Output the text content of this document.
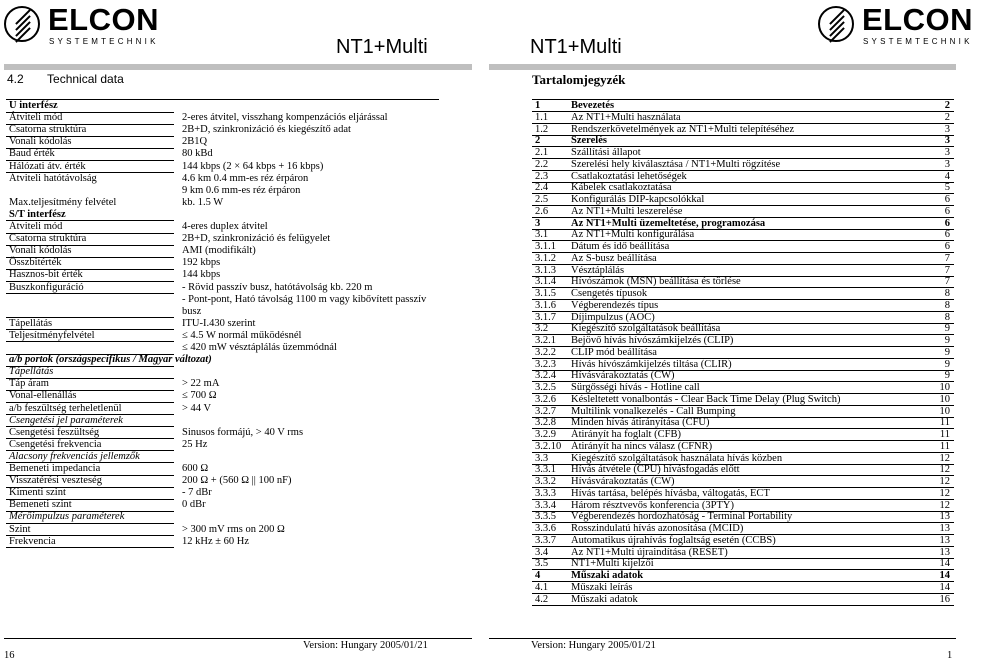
ELCON
SYSTEMTECHNIK
ELCON
SYSTEMTECHNIK
NT1+Multi	NT1+Multi
4.2       Technical data	Tartalomjegyzék
U interfész
Átviteli mód	2-eres átvitel, visszhang kompenzációs eljárással
Csatorna struktúra	2B+D, szinkronizáció és kiegészítő adat
Vonali kódolás	2B1Q
Baud érték	80 kBd
Hálózati átv. érték	144 kbps (2 × 64 kbps + 16 kbps)
Átviteli hatótávolság	4.6 km 0.4 mm-es réz érpáron
9 km 0.6 mm-es réz érpáron
Max.teljesítmény felvétel	kb. 1.5 W
S/T interfész
Átviteli mód	4-eres duplex átvitel
Csatorna struktúra	2B+D, szinkronizáció és felügyelet
Vonali kódolás	AMI (modifikált)
Összbitérték	192 kbps
Hasznos-bit érték	144 kbps
Buszkonfiguráció	- Rövid passzív busz, hatótávolság kb. 220 m
- Pont-pont, Ható távolság 1100 m vagy kibővített passzív
busz
Tápellátás	ITU-I.430 szerint
Teljesítményfelvétel	≤ 4.5 W normál működésnél
≤ 420 mW vésztáplálás üzemmódnál
a/b portok (országspecifikus / Magyar változat)
Tápellátás
Táp áram	> 22 mA
Vonal-ellenállás	≤ 700 Ω
a/b feszültség terheletlenül	> 44 V
Csengetési jel paraméterek
Csengetési feszültség	Sinusos formájú, > 40 V rms
Csengetési frekvencia	25 Hz
Alacsony frekvenciás jellemzők
Bemeneti impedancia	600 Ω
Visszatérési veszteség	200 Ω + (560 Ω || 100 nF)
Kimenti szint	- 7 dBr
Bemeneti szint	0 dBr
Mérőimpulzus paraméterek
Szint	> 300 mV rms on 200 Ω
Frekvencia	12 kHz ± 60 Hz
1	Bevezetés	2
1.1 Az NT1+Multi használata	2
1.2 Rendszerkövetelmények az NT1+Multi telepítéséhez	3
2	Szerelés	3
2.1 Szállítási állapot	3
2.2 Szerelési hely kiválasztása / NT1+Multi rögzítése	3
2.3 Csatlakoztatási lehetőségek	4
2.4 Kábelek csatlakoztatása	5
2.5 Konfigurálás DIP-kapcsolókkal	6
2.6 Az NT1+Multi leszerelése	6
3	Az NT1+Multi üzemeltetése, programozása	6
3.1 Az NT1+Multi konfigurálása	6
3.1.1 Dátum és idő beállítása	6
3.1.2 Az S-busz beállítása	7
3.1.3 Vésztáplálás	7
3.1.4 Hívószámok (MSN) beállítása és törlése	7
3.1.5 Csengetés típusok	8
3.1.6 Végberendezés típus	8
3.1.7 Díjimpulzus (AOC)	8
3.2 Kiegészítő szolgáltatások beállítása	9
3.2.1 Bejövő hívás hívószámkijelzés (CLIP)	9
3.2.2 CLIP mód beállítása	9
3.2.3 Hívás hívószámkijelzés tiltása (CLIR)	9
3.2.4 Hívásvárakoztatás (CW)	9
3.2.5 Sürgősségi hívás - Hotline call	10
3.2.6 Késleltetett vonalbontás - Clear Back Time Delay (Plug Switch)	10
3.2.7 Multilink vonalkezelés - Call Bumping	10
3.2.8 Minden hívás átirányítása (CFU)	11
3.2.9 Átirányít ha foglalt (CFB)	11
3.2.10 Átirányít ha nincs válasz (CFNR)	11
3.3 Kiegészítő szolgáltatások használata hívás közben	12
3.3.1 Hívás átvétele (CPU) hívásfogadás előtt	12
3.3.2 Hívásvárakoztatás (CW)	12
3.3.3 Hívás tartása, belépés hívásba, váltogatás, ECT	12
3.3.4 Három résztvevős konferencia (3PTY)	12
3.3.5 Végberendezés hordozhatóság - Terminal Portability	13
3.3.6 Rosszindulatú hívás azonosítása (MCID)	13
3.3.7 Automatikus újrahívás foglaltság esetén (CCBS)	13
3.4 Az NT1+Multi újraindítása (RESET)	13
3.5 NT1+Multi kijelzői	14
4	Műszaki adatok	14
4.1 Műszaki leírás	14
4.2 Műszaki adatok	16
16
Version: Hungary 2005/01/21	Version: Hungary 2005/01/21
1
